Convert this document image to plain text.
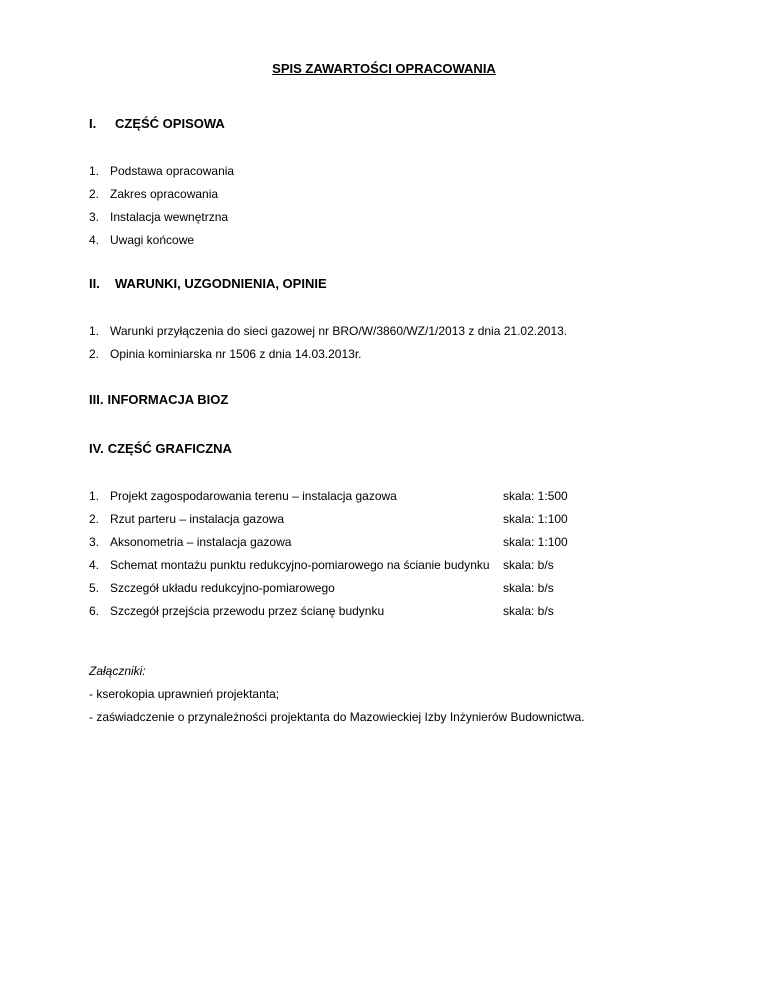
SPIS ZAWARTOŚCI OPRACOWANIA
I. CZĘŚĆ OPISOWA
1. Podstawa opracowania
2. Zakres opracowania
3. Instalacja wewnętrzna
4. Uwagi końcowe
II. WARUNKI, UZGODNIENIA, OPINIE
1. Warunki przyłączenia do sieci gazowej nr BRO/W/3860/WZ/1/2013 z dnia 21.02.2013.
2. Opinia kominiarska nr 1506 z dnia 14.03.2013r.
III. INFORMACJA BIOZ
IV. CZĘŚĆ GRAFICZNA
1. Projekt zagospodarowania terenu – instalacja gazowa	skala: 1:500
2. Rzut parteru – instalacja gazowa	skala: 1:100
3. Aksonometria – instalacja gazowa	skala: 1:100
4. Schemat montażu punktu redukcyjno-pomiarowego na ścianie budynku skala: b/s
5. Szczegół układu redukcyjno-pomiarowego	skala: b/s
6. Szczegół przejścia przewodu przez ścianę budynku	skala: b/s
Załączniki:
- kserokopia uprawnień projektanta;
- zaświadczenie o przynależności projektanta do Mazowieckiej Izby Inżynierów Budownictwa.
